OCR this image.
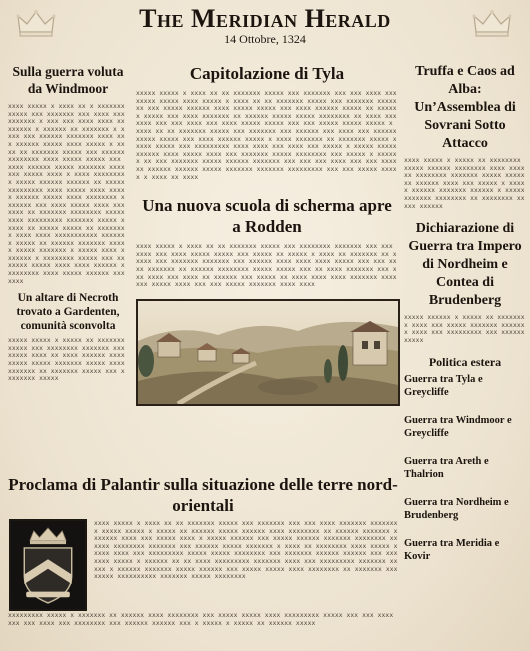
The Meridian Herald
14 Ottobre, 1324
Sulla guerra voluta da Windmoor
xxxx xxxxx x xxxx xx x xxxxxxx xxxxx xxx xxxxxxx xxx xxxx xxx xxxxxxx x xxx xxx xxxx xxxx xxxxxxxx x xxxxxx xx xxxxxxx x xxxx xxx xxxxxx xxxxxxx xxxx xxx xxxxxx xxxxx xxxx xxxxx x xxxx xx xxxxxxx xxxxx xxx xxxxxx xxxxxxxx xxxx xxxxx xxxxx xxx xxxx xxxxxx xxxxx xxxxxxx xxxxxxx xxxxx xxxx x xxxx xxxxxxxxx xxxxx xxxxxx xxxxxx xx xxxxx xxxxxxxxx xxxx xxxxx xxxx xxxxx xxxxxx xxxxx xxxx xxxxxxxx xxxxxxx xxx xxxx xxxxx xxxx xxxxxxx xx xxxxxxx xxxxxxxx xxxxx xxxx xxxxxxxxx xxxxxxx xxxxx xxxxx xx xxxxx xxxxx xx xxxxxxxx xxxx xxxx xxxxxxxxxxx xxxxxxx xxxxx xx xxxxxx xxxxxxx xxxxx xxxxx xxxxxxx x xxxxx xxxx xxxxxxx x xxxxxxxx xxxxx xxx xxxxxxx xxxxx xxxx xxxx xxxxxx xxxxxxxxx xxxx xxxxx xxxxxx xxxxxxx
Un altare di Necroth trovato a Gardenten, comunità sconvolta
xxxxx xxxxx x xxxxx xx xxxxxxx xxxxx xxx xxxxxxxx xxxxxxx xxxxxxxx xxxx xx xxxx xxxxxx xxxxxxxxx xxxxx xxxxxxx xxxxx xxxx xxxxxxx xx xxxxxxx xxxxx xxx xxxxxxxx xxxxx
Capitolazione di Tyla
xxxxx xxxxx x xxxx xx xx xxxxxxx xxxxx xxx xxxxxxx xxx xxx xxxx xxx xxxxx xxxxx xxxx xxxxx x xxxx xx xx xxxxxxx xxxxx xxx xxxxxxx xxxxxxx xxx xxxxx xxxxxx xxxx xxxxx xxxxx xxx xxxx xxxxxx xxxxx xx xxxxx x xxxxx xxx xxxx xxxxxxx xx xxxxxx xxxxx xxxxx xxxxxxxx xx xxxx xxxxxxx xxx xxx xxxx xxx xxxx xxxxx xxxxx xxx xxx xxxxx xxxxx xxxxx x xxxx xx xx xxxxxxx xxxxx xxx xxxxxxx xxx xxxxxx xxx xxxx xxx xxxxxx xxxxx xxxxx xxx xxxx xxxxxx xxxxx x xxxx xxxxxxx xx xxxxxxx xxxxx xxxxx xxxxx xxx xxxxxxxxx xxxx xxxx xxx xxxx xxx xxxxx x xxxxx xxxxx xxxxxx xxxx xxxxx xxxx xxx xxxxxxx xxxxx xxxxxxxx xxx xxxxx x xxxxxx xx xxx xxxxxxx xxxxx xxxxxx xxxxxxx xxx xxx xxx xxxx xxx xxx xxxxxx xxxxxx xxxxxx xxxxx xxxxxxx xxxxxxx xxxxxxxxx xxx xxx xxxxx xxxxx x xxxx xx xxxx
Una nuova scuola di scherma apre a Rodden
xxxx xxxxx x xxxx xx xx xxxxxxx xxxxx xxx xxxxxxxx xxxxxxx xxx xxx xxxx xxx xxxx xxxxx xxxxx xxx xxxxx xx xxxxx x xxxx xx xxxxxxx xx xxxxx xxx xxxxxxx xxxxxxx xxx xxxxxx xxxx xxxx xxxx xxxxx xxx xxx xxxx xxxxxxx xx xxxxxx xxxxxxxx xxxxx xxxxx xxx xx xxxx xxxxxxx xxx xxx xxxx xxx xxxx xx xxxxxx xxx xxxxx xx xxxx xxxx xxxx xxxxxxx xxxxxxx xxxxx xxxx xxx xxx xxxxx xxxxxxx xxxx xxxx
Truffa e Caos ad Alba: Un’Assemblea di Sovrani Sotto Attacco
xxxx xxxxx x xxxxx xx xxxxxxxx xxxxx xxxxxx xxxxxxxx xxxx xxxxxx xxxxxxxx xxxxxxx xxxxx xxxxxxx xxxxxx xxxx xxx xxxxx x xxxxx xxxxxx xxxxxxx xxxxxx x xxxxx xxxxxxx xxxxxxxx xx xxxxxxxx xxxxx xxxxxx
Dichiarazione di Guerra tra Impero di Nordheim e Contea di Brudenberg
xxxxx xxxxxx x xxxxx xx xxxxxxxx xxxx xxx xxxxx xxxxxxx xxxxxxx xxxx xxx xxxxxxxxx xxx xxxxxx xxxxx
Politica estera
Guerra tra Tyla e Greycliffe
Guerra tra Windmoor e Greycliffe
Guerra tra Areth e Thalrion
Guerra tra Nordheim e Brudenberg
Guerra tra Meridia e Kovir
Proclama di Palantir sulla situazione delle terre nord-orientali
xxxx xxxxx x xxxx xx xx xxxxxxx xxxxx xxx xxxxxxx xxx xxx xxxx xxxxxxx xxxxxxxx xxxxx xxxxx x xxxxx xx xxxxxx xxxxx xxxxxx xxxx xxxxxxxx xx xxxxxx xxxxxxx xxxxxxx xxxx xxx xxxxx xxxx x xxxxx xxxxxx xxx xxxxx xxxxxx xxxxxxx xxxxxxxx xxxxxx xxxxxxxx xxxxxxx xxx xxxxxx xxxxx xxxxxxx x xxxx xx xxxxxxxx xxxx xxxxx xxxxx xxxx xxx xxxxxxxxx xxxxx xxxxx xxxxxxxx xxx xxxxxxx xxxxxx xxxxxx xxx xxxxxxx xxxxx x xxxxxx xx xx xxxx xxxxxxxxx xxxxxxx xxxx xxx xxxxxxxxx xxxxxxx xxxxx x xxxxxx xxxxxxx xxxxx xxxxxx xxx xxxxx xxxxx xxxx xxxxxxxx xx xxxxxxx xxxxxxxx xxxxxxxxxx xxxxxxx xxxxx xxxxxxxx
xxxxxxxxx xxxxx x xxxxxxx xx xxxxxx xxxx xxxxxxxx xxx xxxxx xxxxx xxxx xxxxxxxxx xxxxx xxx xxx xxxx xxx xxx xxxx xxx xxxxxxxx xxx xxxxxx xxxxxx xxx x xxxxx x xxxxx xx xxxxxx xxxxx
